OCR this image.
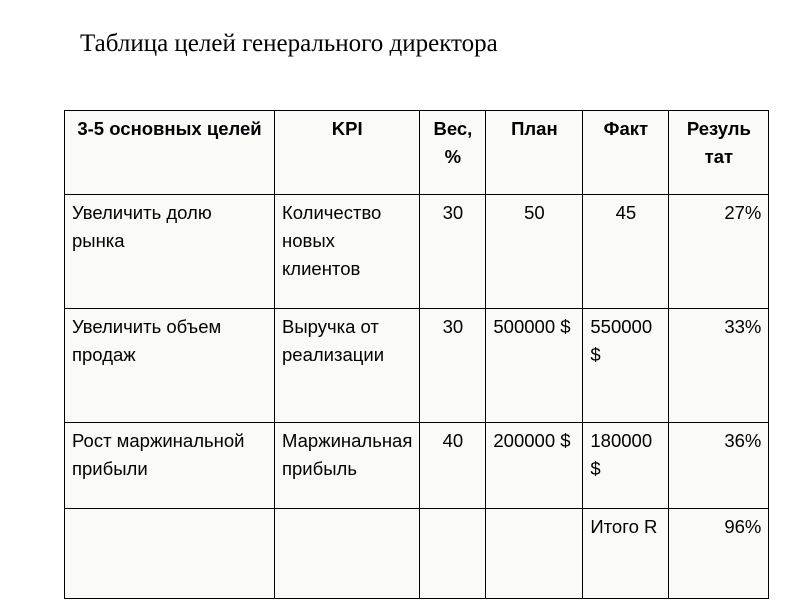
Таблица целей генерального директора
3-5 основных целей	KPI	Вес, %	План	Факт	Резуль тат
Увеличить долю рынка	Количество новых клиентов	30	50	45	27%
Увеличить объем продаж	Выручка от реализации	30	500000 $	550000 $	33%
Рост маржинальной прибыли	Маржинальная прибыль	40	200000 $	180000 $	36%
				Итого R	96%
